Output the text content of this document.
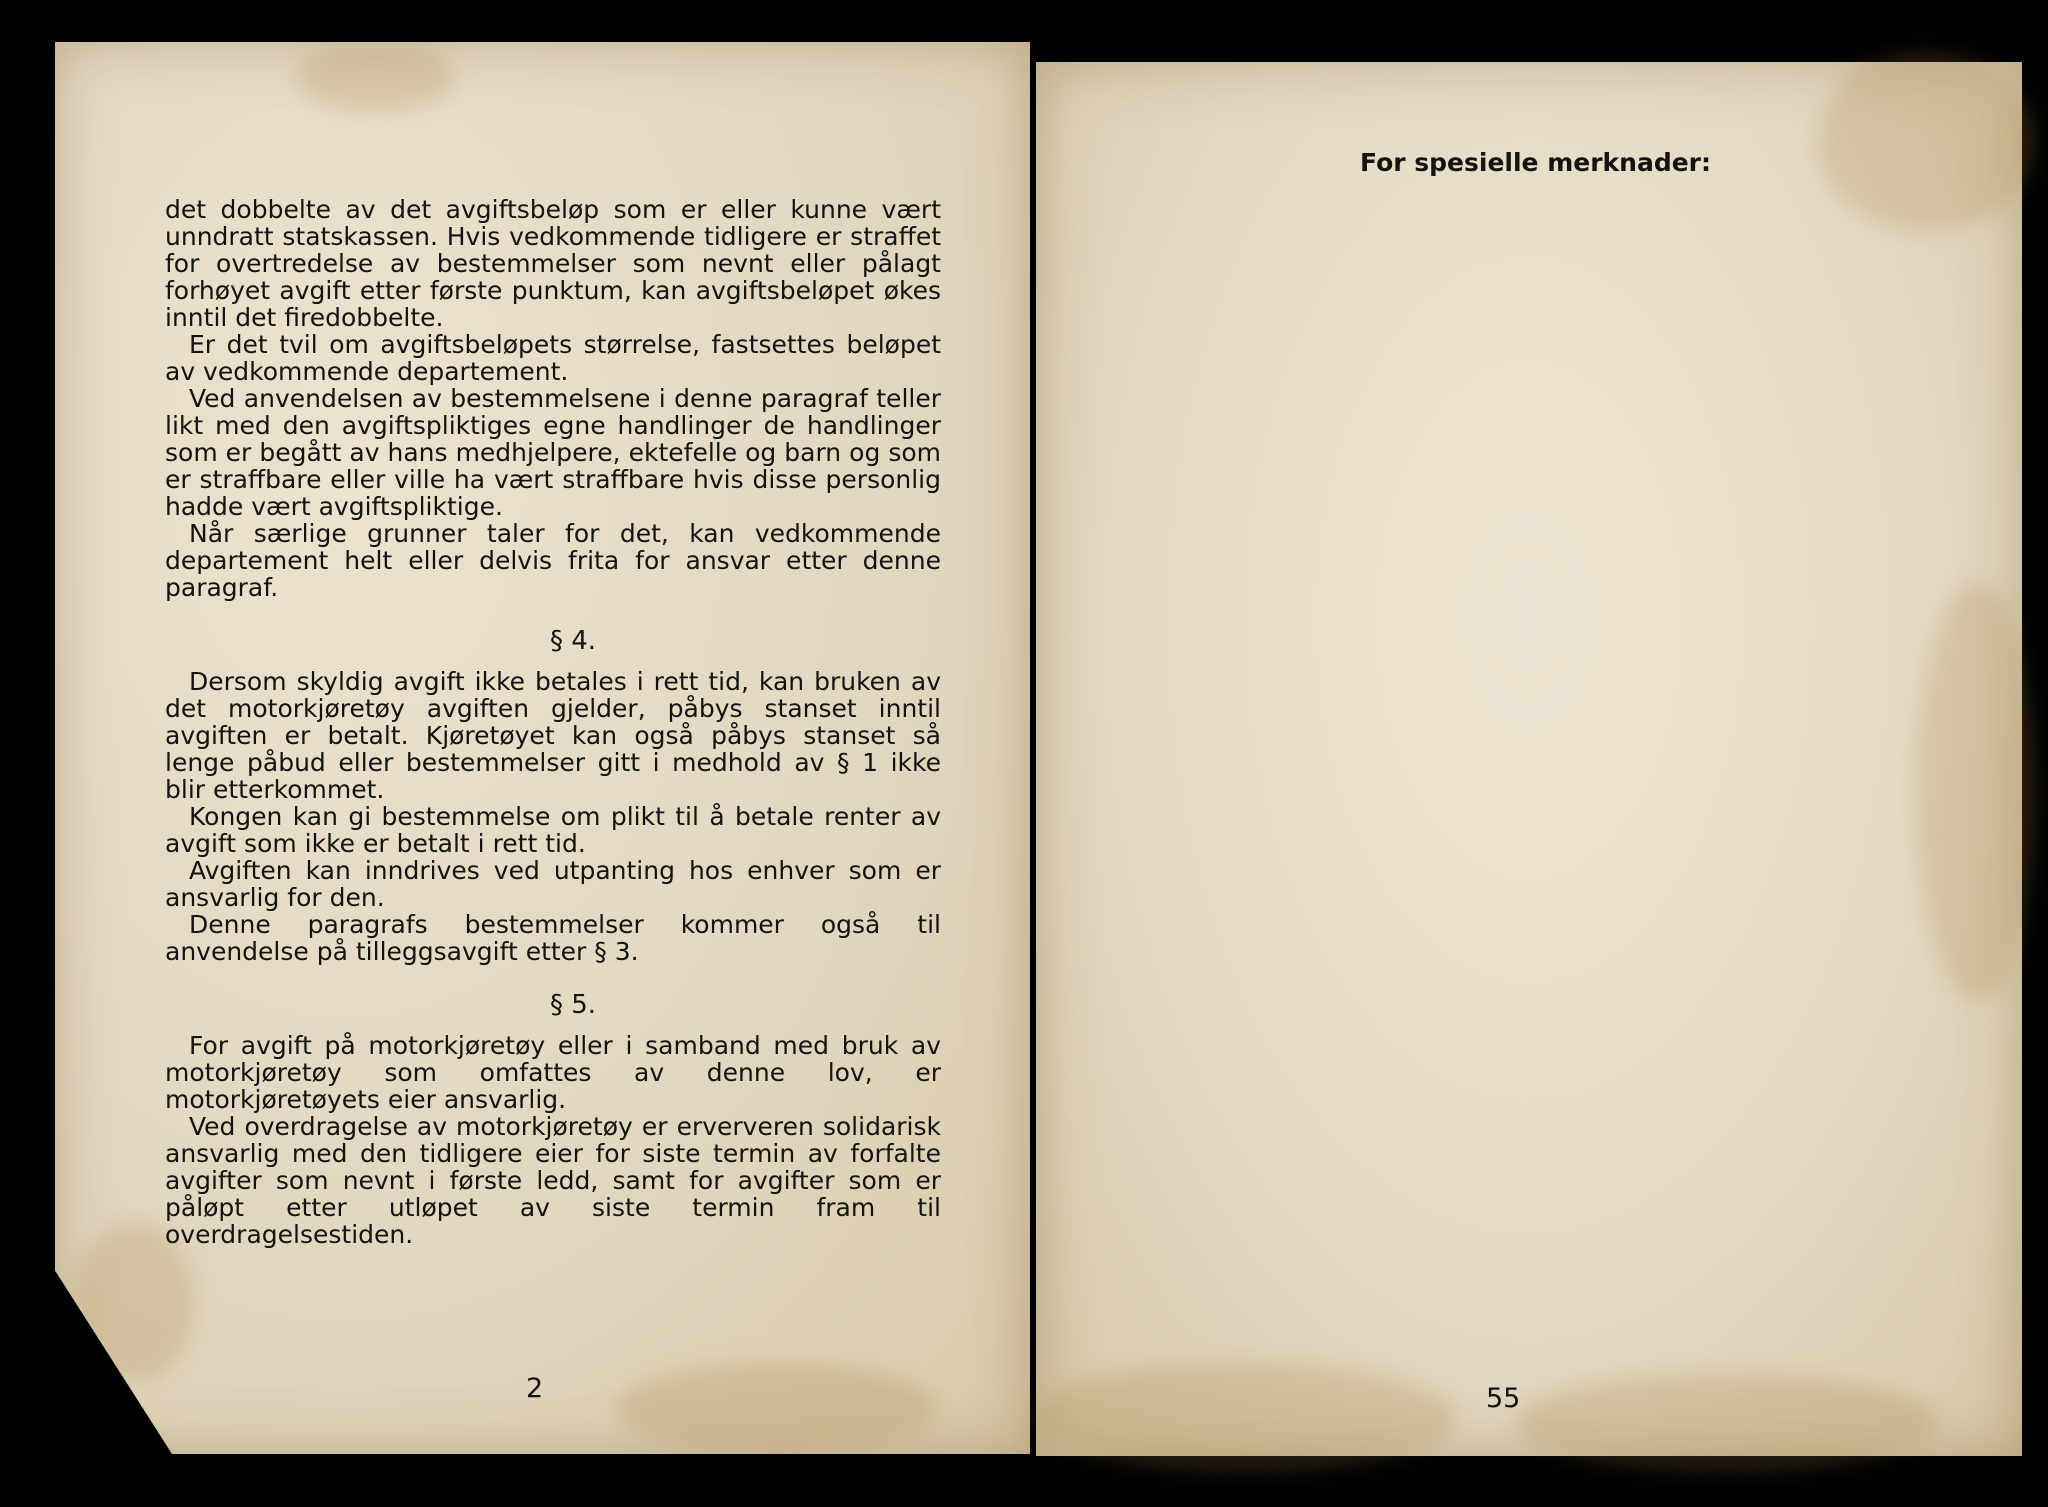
det dobbelte av det avgiftsbeløp som er eller kunne vært unndratt statskassen. Hvis vedkommende tidligere er straffet for overtredelse av bestemmelser som nevnt eller pålagt forhøyet avgift etter første punktum, kan avgiftsbeløpet økes inntil det firedobbelte.

Er det tvil om avgiftsbeløpets størrelse, fastsettes beløpet av vedkommende departement.

Ved anvendelsen av bestemmelsene i denne paragraf teller likt med den avgiftspliktiges egne handlinger de handlinger som er begått av hans medhjelpere, ektefelle og barn og som er straffbare eller ville ha vært straffbare hvis disse personlig hadde vært avgiftspliktige.

Når særlige grunner taler for det, kan vedkommende departement helt eller delvis frita for ansvar etter denne paragraf.

§ 4.

Dersom skyldig avgift ikke betales i rett tid, kan bruken av det motorkjøretøy avgiften gjelder, påbys stanset inntil avgiften er betalt. Kjøretøyet kan også påbys stanset så lenge påbud eller bestemmelser gitt i medhold av § 1 ikke blir etterkommet.

Kongen kan gi bestemmelse om plikt til å betale renter av avgift som ikke er betalt i rett tid.

Avgiften kan inndrives ved utpanting hos enhver som er ansvarlig for den.

Denne paragrafs bestemmelser kommer også til anvendelse på tilleggsavgift etter § 3.

§ 5.

For avgift på motorkjøretøy eller i samband med bruk av motorkjøretøy som omfattes av denne lov, er motorkjøretøyets eier ansvarlig.

Ved overdragelse av motorkjøretøy er erververen solidarisk ansvarlig med den tidligere eier for siste termin av forfalte avgifter som nevnt i første ledd, samt for avgifter som er påløpt etter utløpet av siste termin fram til overdragelsestiden.

2
For spesielle merknader:
55
